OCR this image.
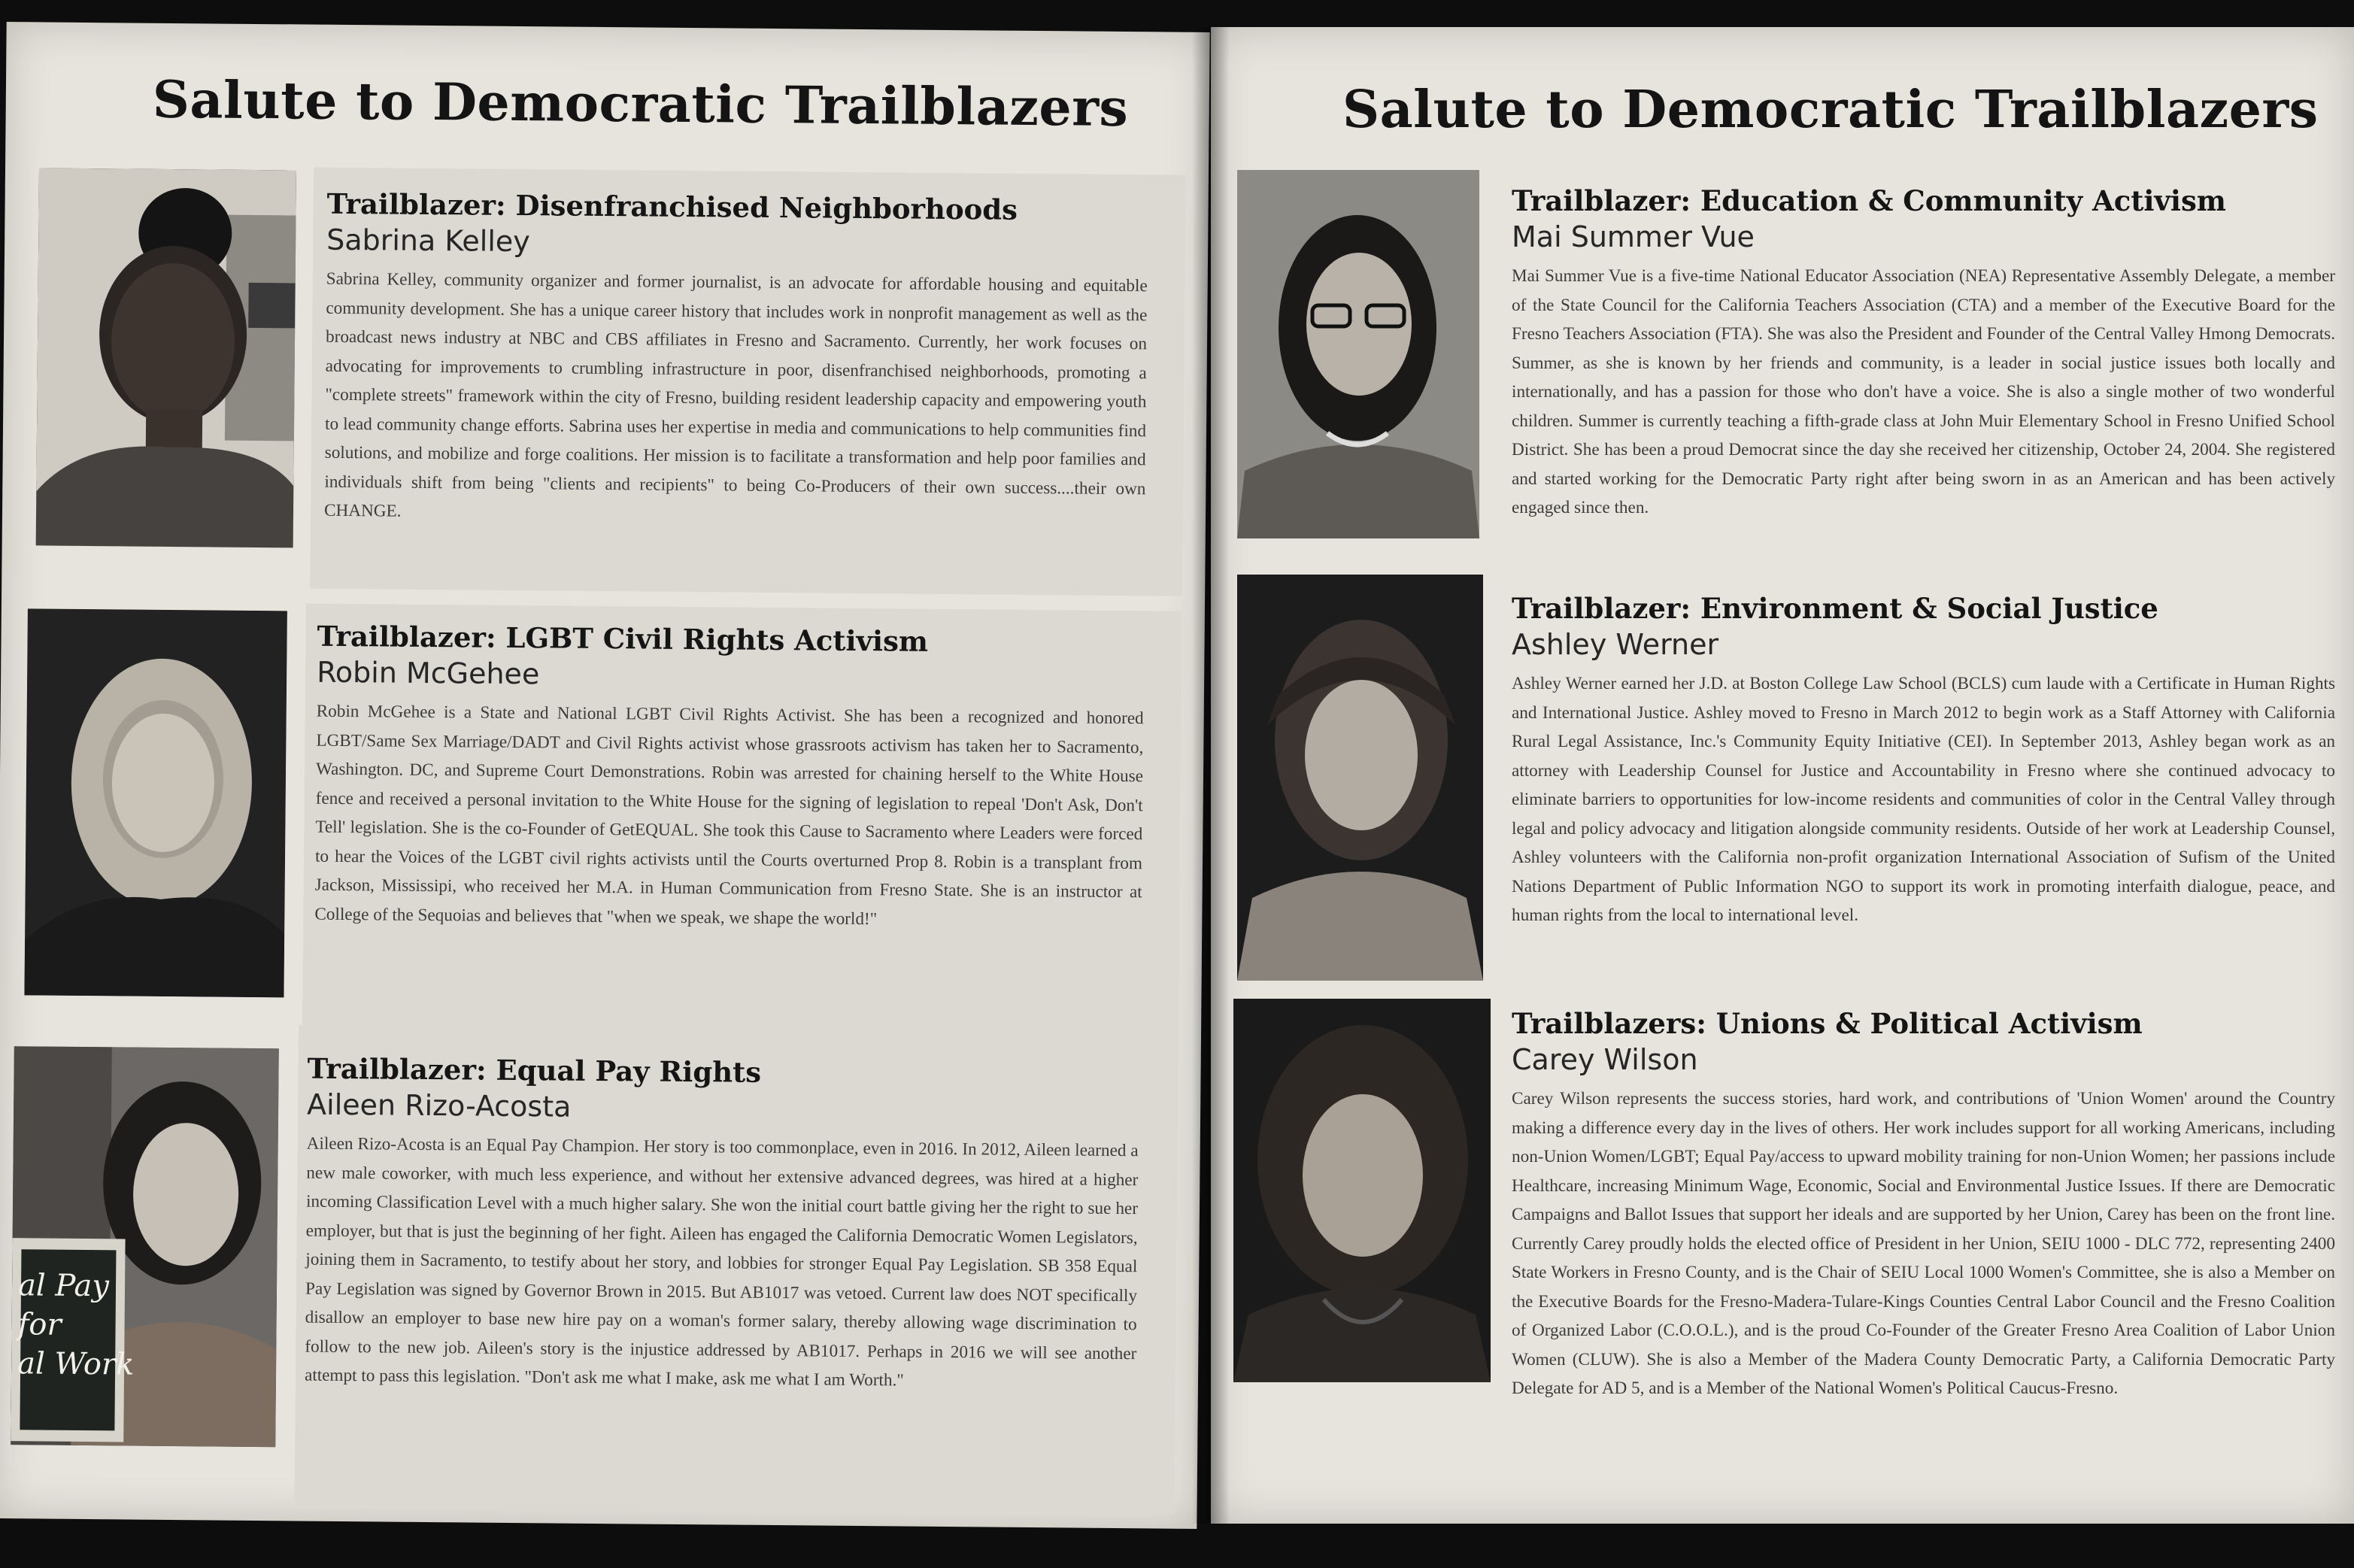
Salute to Democratic Trailblazers
Trailblazer: Disenfranchised Neighborhoods
Sabrina Kelley

Sabrina Kelley, community organizer and former journalist, is an advocate for affordable housing and equitable community development. She has a unique career history that includes work in nonprofit management as well as the broadcast news industry at NBC and CBS affiliates in Fresno and Sacramento. Currently, her work focuses on advocating for improvements to crumbling infrastructure in poor, disenfranchised neighborhoods, promoting a "complete streets" framework within the city of Fresno, building resident leadership capacity and empowering youth to lead community change efforts. Sabrina uses her expertise in media and communications to help communities find solutions, and mobilize and forge coalitions. Her mission is to facilitate a transformation and help poor families and individuals shift from being "clients and recipients" to being Co-Producers of their own success....their own CHANGE.

Trailblazer: LGBT Civil Rights Activism
Robin McGehee

Robin McGehee is a State and National LGBT Civil Rights Activist. She has been a recognized and honored LGBT/Same Sex Marriage/DADT and Civil Rights activist whose grassroots activism has taken her to Sacramento, Washington. DC, and Supreme Court Demonstrations. Robin was arrested for chaining herself to the White House fence and received a personal invitation to the White House for the signing of legislation to repeal 'Don't Ask, Don't Tell' legislation. She is the co-Founder of GetEQUAL. She took this Cause to Sacramento where Leaders were forced to hear the Voices of the LGBT civil rights activists until the Courts overturned Prop 8. Robin is a transplant from Jackson, Mississipi, who received her M.A. in Human Communication from Fresno State. She is an instructor at College of the Sequoias and believes that "when we speak, we shape the world!"

al Pay
for
al Work
Trailblazer: Equal Pay Rights
Aileen Rizo-Acosta

Aileen Rizo-Acosta is an Equal Pay Champion. Her story is too commonplace, even in 2016. In 2012, Aileen learned a new male coworker, with much less experience, and without her extensive advanced degrees, was hired at a higher incoming Classification Level with a much higher salary. She won the initial court battle giving her the right to sue her employer, but that is just the beginning of her fight. Aileen has engaged the California Democratic Women Legislators, joining them in Sacramento, to testify about her story, and lobbies for stronger Equal Pay Legislation. SB 358 Equal Pay Legislation was signed by Governor Brown in 2015. But AB1017 was vetoed. Current law does NOT specifically disallow an employer to base new hire pay on a woman's former salary, thereby allowing wage discrimination to follow to the new job. Aileen's story is the injustice addressed by AB1017. Perhaps in 2016 we will see another attempt to pass this legislation. "Don't ask me what I make, ask me what I am Worth."

Salute to Democratic Trailblazers
Trailblazer: Education & Community Activism
Mai Summer Vue

Mai Summer Vue is a five-time National Educator Association (NEA) Representative Assembly Delegate, a member of the State Council for the California Teachers Association (CTA) and a member of the Executive Board for the Fresno Teachers Association (FTA). She was also the President and Founder of the Central Valley Hmong Democrats. Summer, as she is known by her friends and community, is a leader in social justice issues both locally and internationally, and has a passion for those who don't have a voice. She is also a single mother of two wonderful children. Summer is currently teaching a fifth-grade class at John Muir Elementary School in Fresno Unified School District. She has been a proud Democrat since the day she received her citizenship, October 24, 2004. She registered and started working for the Democratic Party right after being sworn in as an American and has been actively engaged since then.

Trailblazer: Environment & Social Justice
Ashley Werner

Ashley Werner earned her J.D. at Boston College Law School (BCLS) cum laude with a Certificate in Human Rights and International Justice. Ashley moved to Fresno in March 2012 to begin work as a Staff Attorney with California Rural Legal Assistance, Inc.'s Community Equity Initiative (CEI). In September 2013, Ashley began work as an attorney with Leadership Counsel for Justice and Accountability in Fresno where she continued advocacy to eliminate barriers to opportunities for low-income residents and communities of color in the Central Valley through legal and policy advocacy and litigation alongside community residents. Outside of her work at Leadership Counsel, Ashley volunteers with the California non-profit organization International Association of Sufism of the United Nations Department of Public Information NGO to support its work in promoting interfaith dialogue, peace, and human rights from the local to international level.

Trailblazers: Unions & Political Activism
Carey Wilson

Carey Wilson represents the success stories, hard work, and contributions of 'Union Women' around the Country making a difference every day in the lives of others. Her work includes support for all working Americans, including non-Union Women/LGBT; Equal Pay/access to upward mobility training for non-Union Women; her passions include Healthcare, increasing Minimum Wage, Economic, Social and Environmental Justice Issues. If there are Democratic Campaigns and Ballot Issues that support her ideals and are supported by her Union, Carey has been on the front line. Currently Carey proudly holds the elected office of President in her Union, SEIU 1000 - DLC 772, representing 2400 State Workers in Fresno County, and is the Chair of SEIU Local 1000 Women's Committee, she is also a Member on the Executive Boards for the Fresno-Madera-Tulare-Kings Counties Central Labor Council and the Fresno Coalition of Organized Labor (C.O.O.L.), and is the proud Co-Founder of the Greater Fresno Area Coalition of Labor Union Women (CLUW). She is also a Member of the Madera County Democratic Party, a California Democratic Party Delegate for AD 5, and is a Member of the National Women's Political Caucus-Fresno.
